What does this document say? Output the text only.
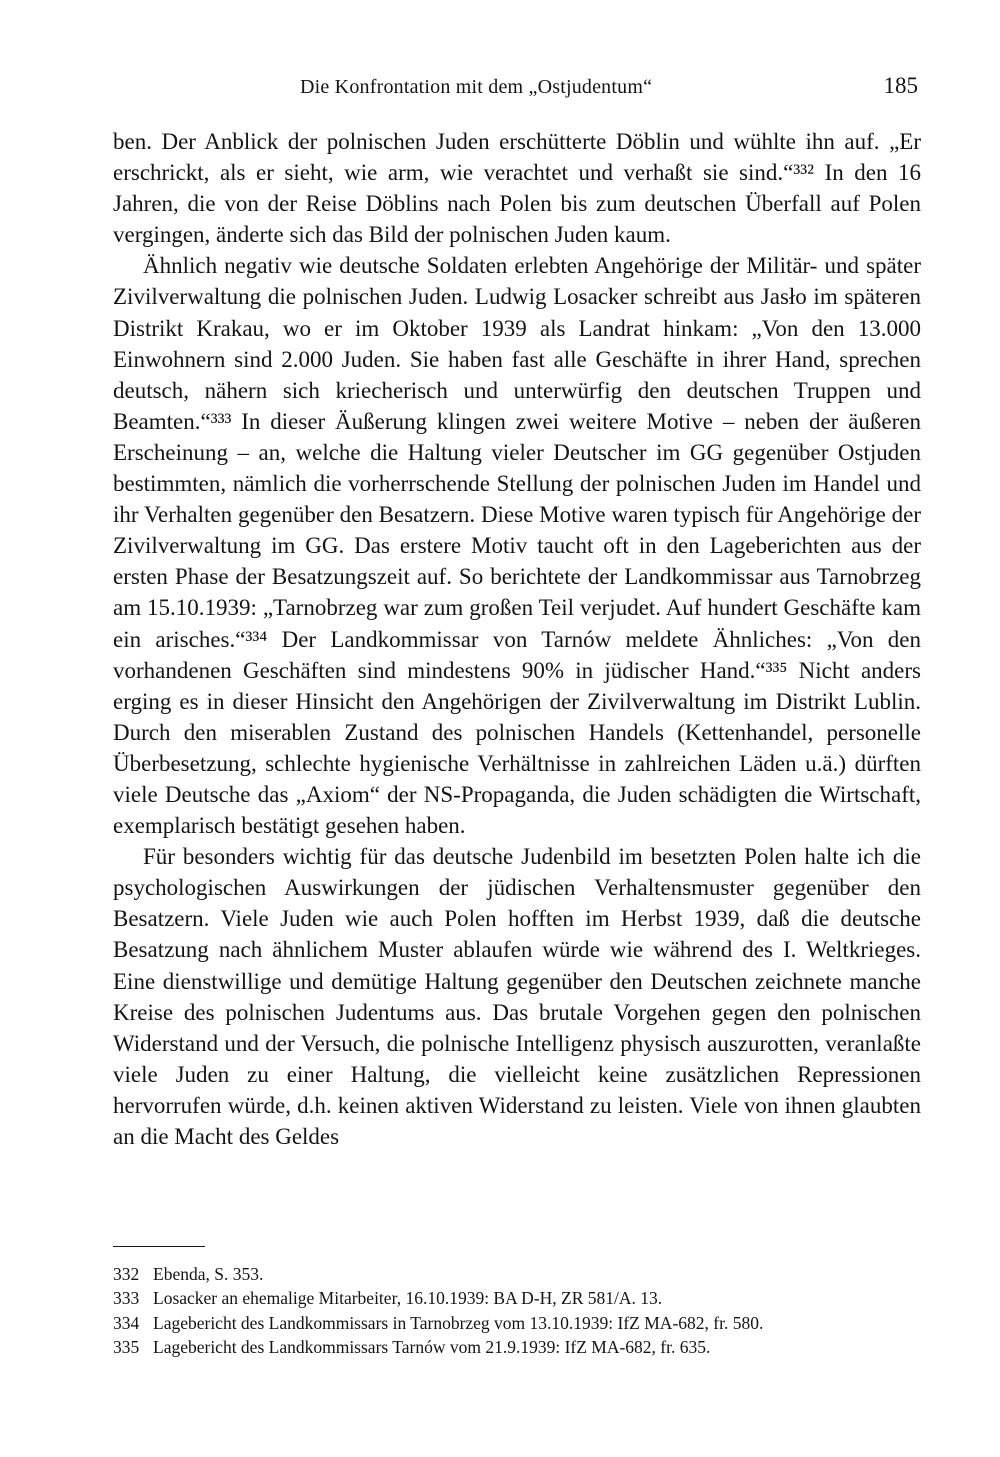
Die Konfrontation mit dem „Ostjudentum“	185

ben. Der Anblick der polnischen Juden erschütterte Döblin und wühlte ihn auf. „Er erschrickt, als er sieht, wie arm, wie verachtet und verhaßt sie sind.“³³² In den 16 Jahren, die von der Reise Döblins nach Polen bis zum deutschen Überfall auf Polen vergingen, änderte sich das Bild der polnischen Juden kaum.

Ähnlich negativ wie deutsche Soldaten erlebten Angehörige der Militär- und später Zivilverwaltung die polnischen Juden. Ludwig Losacker schreibt aus Jasło im späteren Distrikt Krakau, wo er im Oktober 1939 als Landrat hinkam: „Von den 13.000 Einwohnern sind 2.000 Juden. Sie haben fast alle Geschäfte in ihrer Hand, sprechen deutsch, nähern sich kriecherisch und unterwürfig den deutschen Truppen und Beamten.“³³³ In dieser Äußerung klingen zwei weitere Motive – neben der äußeren Erscheinung – an, welche die Haltung vieler Deutscher im GG gegenüber Ostjuden bestimmten, nämlich die vorherrschende Stellung der polnischen Juden im Handel und ihr Verhalten gegenüber den Besatzern. Diese Motive waren typisch für Angehörige der Zivilverwaltung im GG. Das erstere Motiv taucht oft in den Lageberichten aus der ersten Phase der Besatzungszeit auf. So berichtete der Landkommissar aus Tarnobrzeg am 15.10.1939: „Tarnobrzeg war zum großen Teil verjudet. Auf hundert Geschäfte kam ein arisches.“³³⁴ Der Landkommissar von Tarnów meldete Ähnliches: „Von den vorhandenen Geschäften sind mindestens 90% in jüdischer Hand.“³³⁵ Nicht anders erging es in dieser Hinsicht den Angehörigen der Zivilverwaltung im Distrikt Lublin. Durch den miserablen Zustand des polnischen Handels (Kettenhandel, personelle Überbesetzung, schlechte hygienische Verhältnisse in zahlreichen Läden u.ä.) dürften viele Deutsche das „Axiom“ der NS-Propaganda, die Juden schädigten die Wirtschaft, exemplarisch bestätigt gesehen haben.

Für besonders wichtig für das deutsche Judenbild im besetzten Polen halte ich die psychologischen Auswirkungen der jüdischen Verhaltensmuster gegenüber den Besatzern. Viele Juden wie auch Polen hofften im Herbst 1939, daß die deutsche Besatzung nach ähnlichem Muster ablaufen würde wie während des I. Weltkrieges. Eine dienstwillige und demütige Haltung gegenüber den Deutschen zeichnete manche Kreise des polnischen Judentums aus. Das brutale Vorgehen gegen den polnischen Widerstand und der Versuch, die polnische Intelligenz physisch auszurotten, veranlaßte viele Juden zu einer Haltung, die vielleicht keine zusätzlichen Repressionen hervorrufen würde, d.h. keinen aktiven Widerstand zu leisten. Viele von ihnen glaubten an die Macht des Geldes

332 Ebenda, S. 353.
333 Losacker an ehemalige Mitarbeiter, 16.10.1939: BA D-H, ZR 581/A. 13.
334 Lagebericht des Landkommissars in Tarnobrzeg vom 13.10.1939: IfZ MA-682, fr. 580.
335 Lagebericht des Landkommissars Tarnów vom 21.9.1939: IfZ MA-682, fr. 635.
